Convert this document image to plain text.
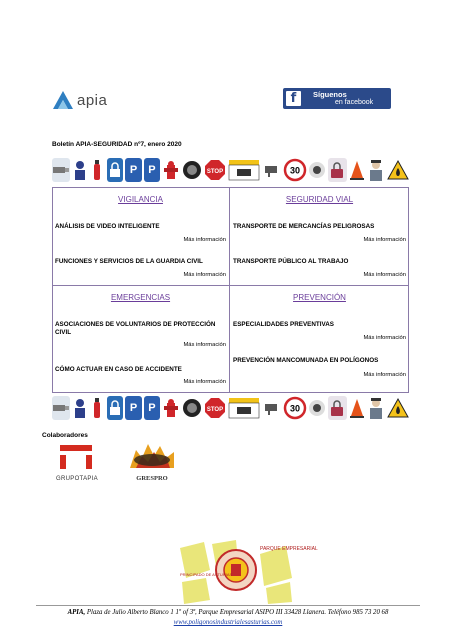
apia	f	Síguenos
en facebook
Boletín APIA-SEGURIDAD nº7, enero 2020
P	P	STOP	30
VIGILANCIA
ANÁLISIS DE VIDEO INTELIGENTE
Más información
FUNCIONES Y SERVICIOS DE LA GUARDIA CIVIL
Más información
SEGURIDAD VIAL
TRANSPORTE DE MERCANCÍAS PELIGROSAS
Más información
TRANSPORTE PÚBLICO AL TRABAJO
Más información
EMERGENCIAS
ASOCIACIONES DE VOLUNTARIOS DE PROTECCIÓN CIVIL
Más información
CÓMO ACTUAR EN CASO DE ACCIDENTE
Más información
PREVENCIÓN
ESPECIALIDADES PREVENTIVAS
Más información
PREVENCIÓN MANCOMUNADA EN POLÍGONOS
Más información
P	P	STOP	30
Colaboradores
GRUPOTAPIA	GRESPRO
PARQUE EMPRESARIAL
PRINCIPADO DE ASTURIAS
APIA, Plaza de Julio Alberto Blanco 1 1º of 3ª, Parque Empresarial ASIPO III 33428 Llanera. Teléfono 985 73 20 68
www.poligonosindustrialesasturias.com
